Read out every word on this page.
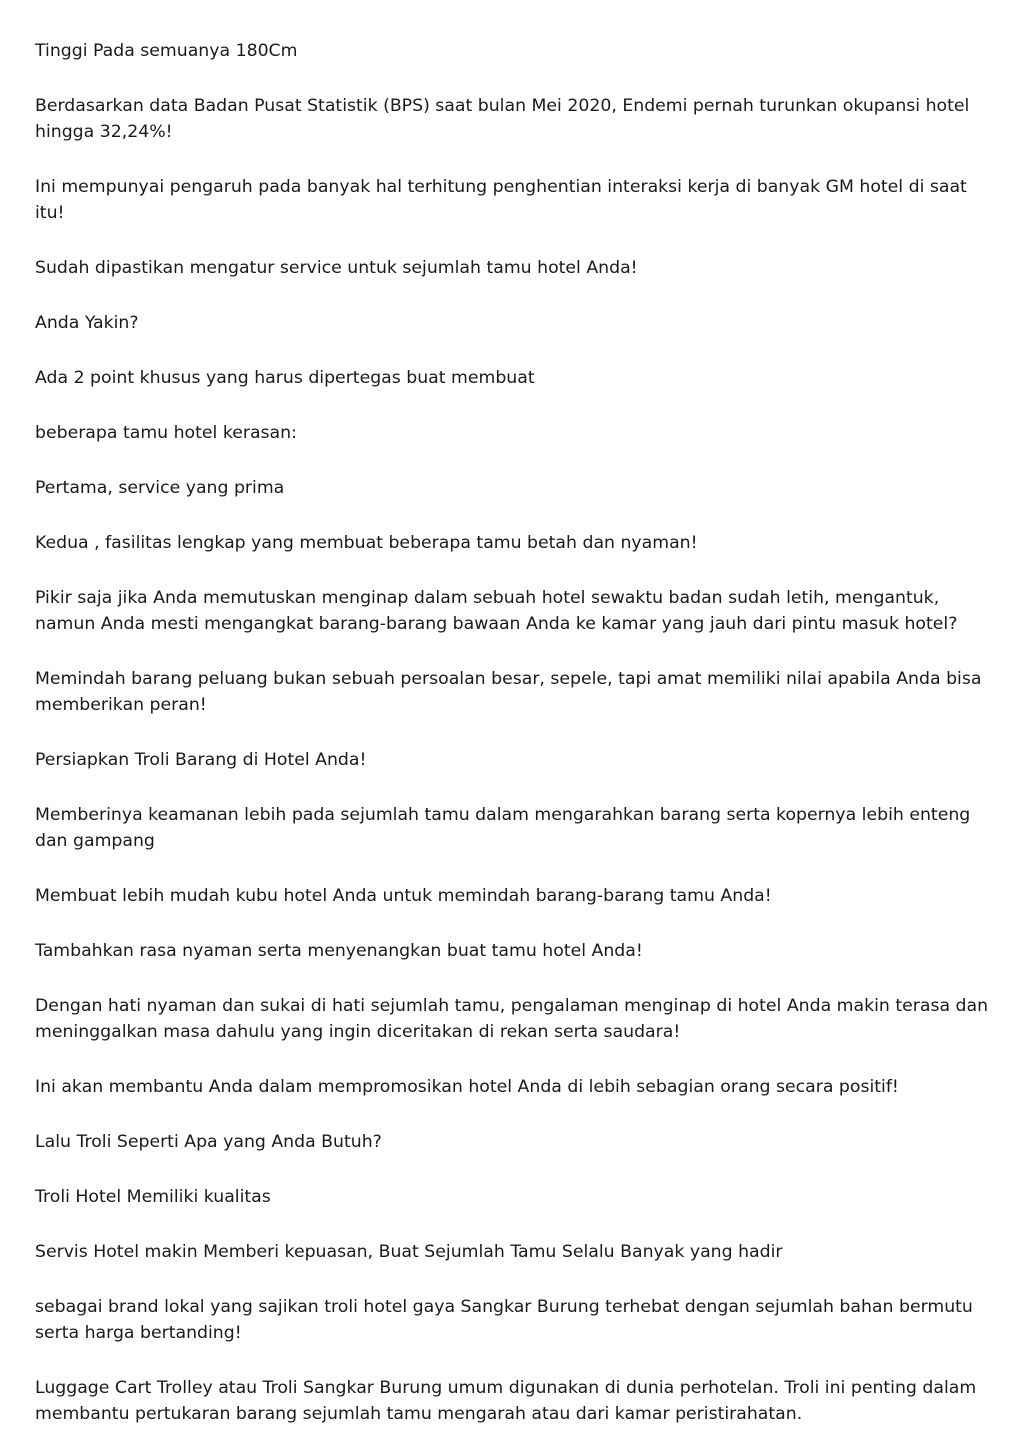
Tinggi Pada semuanya 180Cm

Berdasarkan data Badan Pusat Statistik (BPS) saat bulan Mei 2020, Endemi pernah turunkan okupansi hotel hingga 32,24%!

Ini mempunyai pengaruh pada banyak hal terhitung penghentian interaksi kerja di banyak GM hotel di saat itu!

Sudah dipastikan mengatur service untuk sejumlah tamu hotel Anda!

Anda Yakin?

Ada 2 point khusus yang harus dipertegas buat membuat

beberapa tamu hotel kerasan:

Pertama, service yang prima

Kedua , fasilitas lengkap yang membuat beberapa tamu betah dan nyaman!

Pikir saja jika Anda memutuskan menginap dalam sebuah hotel sewaktu badan sudah letih, mengantuk, namun Anda mesti mengangkat barang-barang bawaan Anda ke kamar yang jauh dari pintu masuk hotel?

Memindah barang peluang bukan sebuah persoalan besar, sepele, tapi amat memiliki nilai apabila Anda bisa memberikan peran!

Persiapkan Troli Barang di Hotel Anda!

Memberinya keamanan lebih pada sejumlah tamu dalam mengarahkan barang serta kopernya lebih enteng dan gampang

Membuat lebih mudah kubu hotel Anda untuk memindah barang-barang tamu Anda!

Tambahkan rasa nyaman serta menyenangkan buat tamu hotel Anda!

Dengan hati nyaman dan sukai di hati sejumlah tamu, pengalaman menginap di hotel Anda makin terasa dan meninggalkan masa dahulu yang ingin diceritakan di rekan serta saudara!

Ini akan membantu Anda dalam mempromosikan hotel Anda di lebih sebagian orang secara positif!

Lalu Troli Seperti Apa yang Anda Butuh?

Troli Hotel Memiliki kualitas

Servis Hotel makin Memberi kepuasan, Buat Sejumlah Tamu Selalu Banyak yang hadir

sebagai brand lokal yang sajikan troli hotel gaya Sangkar Burung terhebat dengan sejumlah bahan bermutu serta harga bertanding!

Luggage Cart Trolley atau Troli Sangkar Burung umum digunakan di dunia perhotelan. Troli ini penting dalam membantu pertukaran barang sejumlah tamu mengarah atau dari kamar peristirahatan.
